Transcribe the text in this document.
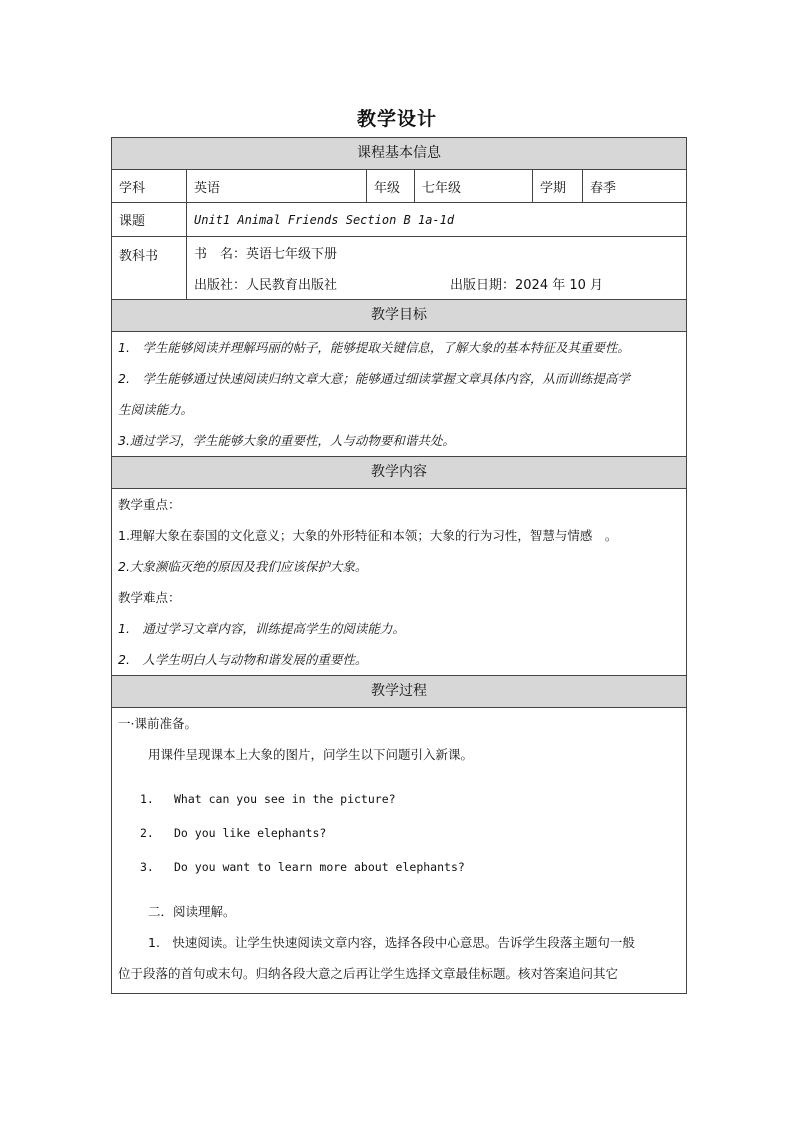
教学设计
课程基本信息
学科	英语	年级	七年级	学期	春季
课题	Unit1 Animal Friends Section B 1a-1d
教科书	书　名：英语七年级下册
出版社：人民教育出版社	出版日期：2024 年 10 月
教学目标
1.　学生能够阅读并理解玛丽的帖子，能够提取关键信息，了解大象的基本特征及其重要性。
2.　学生能够通过快速阅读归纳文章大意；能够通过细读掌握文章具体内容，从而训练提高学
生阅读能力。
3.通过学习，学生能够大象的重要性，人与动物要和谐共处。
教学内容
教学重点：
1.理解大象在泰国的文化意义；大象的外形特征和本领；大象的行为习性，智慧与情感　。
2.大象濒临灭绝的原因及我们应该保护大象。
教学难点：
1.　通过学习文章内容，训练提高学生的阅读能力。
2.　人学生明白人与动物和谐发展的重要性。
教学过程
一·课前准备。
用课件呈现课本上大象的图片，问学生以下问题引入新课。
1. What can you see in the picture?
2. Do you like elephants?
3. Do you want to learn more about elephants?
二．阅读理解。
1.　快速阅读。让学生快速阅读文章内容，选择各段中心意思。告诉学生段落主题句一般
位于段落的首句或末句。归纳各段大意之后再让学生选择文章最佳标题。核对答案追问其它
